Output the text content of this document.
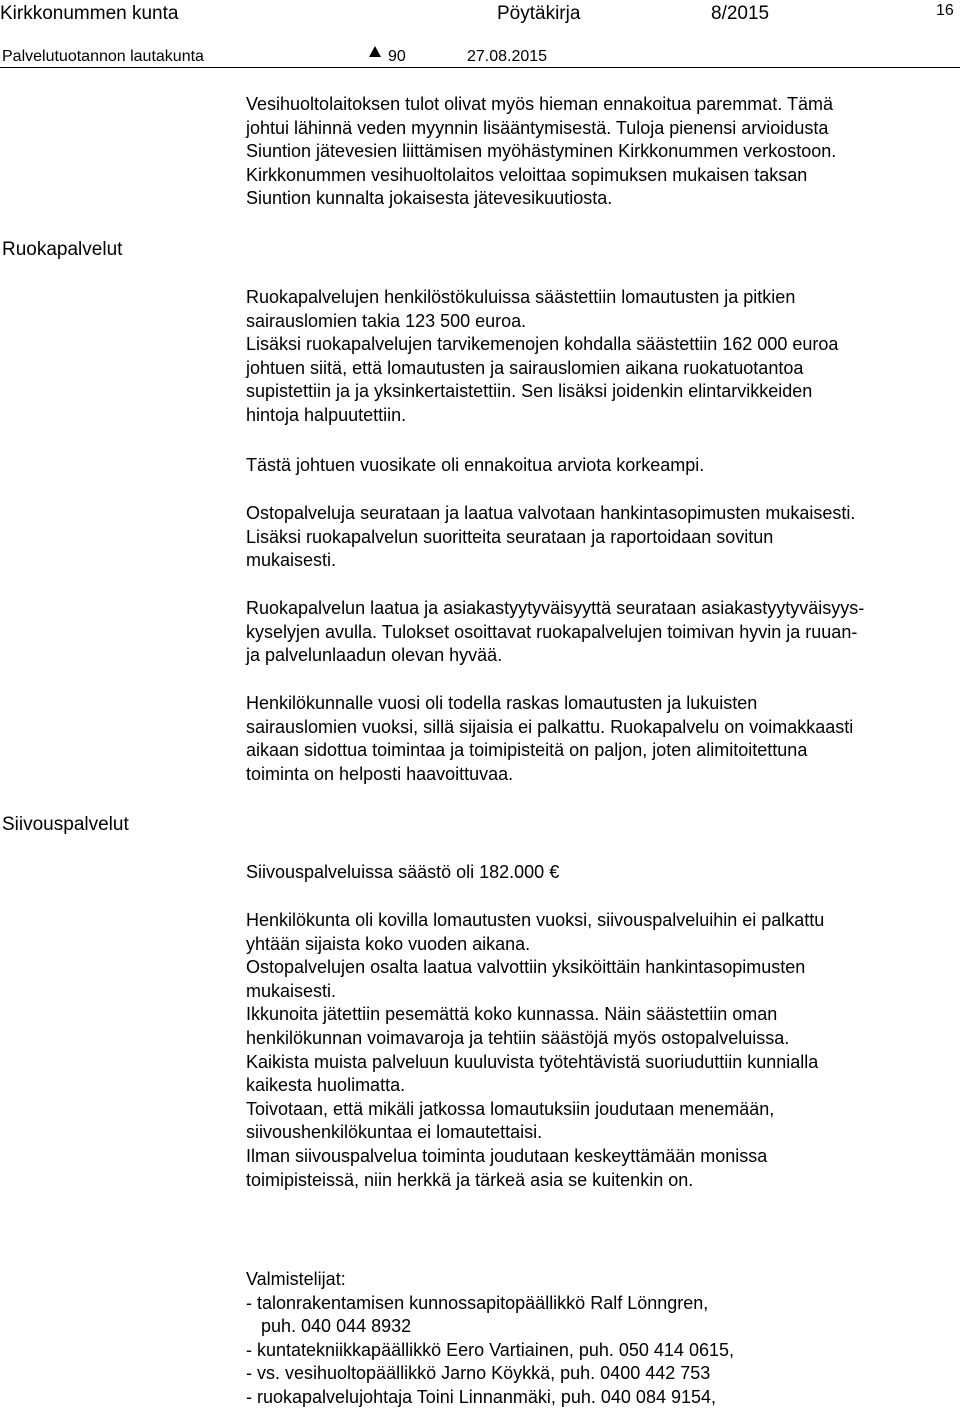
Kirkkonummen kunta	Pöytäkirja	8/2015	16
Palvelutuotannon lautakunta	90	27.08.2015
Ruokapalvelut
Siivouspalvelut
Vesihuoltolaitoksen tulot olivat myös hieman ennakoitua paremmat. Tämä
johtui lähinnä veden myynnin lisääntymisestä. Tuloja pienensi arvioidusta
Siuntion jätevesien liittämisen myöhästyminen Kirkkonummen verkostoon.
Kirkkonummen vesihuoltolaitos veloittaa sopimuksen mukaisen taksan
Siuntion kunnalta jokaisesta jätevesikuutiosta.
Ruokapalvelujen henkilöstökuluissa säästettiin lomautusten ja pitkien
sairauslomien takia 123 500 euroa.
Lisäksi ruokapalvelujen tarvikemenojen kohdalla säästettiin 162 000 euroa
johtuen siitä, että lomautusten ja sairauslomien aikana ruokatuotantoa
supistettiin ja ja yksinkertaistettiin. Sen lisäksi joidenkin elintarvikkeiden
hintoja halpuutettiin.
Tästä johtuen vuosikate oli ennakoitua arviota korkeampi.
Ostopalveluja seurataan ja laatua valvotaan hankintasopimusten mukaisesti.
Lisäksi ruokapalvelun suoritteita seurataan ja raportoidaan sovitun
mukaisesti.
Ruokapalvelun laatua ja asiakastyytyväisyyttä seurataan asiakastyytyväisyys-
kyselyjen avulla. Tulokset osoittavat ruokapalvelujen toimivan hyvin ja ruuan-
ja palvelunlaadun olevan hyvää.
Henkilökunnalle vuosi oli todella raskas lomautusten ja lukuisten
sairauslomien vuoksi, sillä sijaisia ei palkattu. Ruokapalvelu on voimakkaasti
aikaan sidottua toimintaa ja toimipisteitä on paljon, joten alimitoitettuna
toiminta on helposti haavoittuvaa.
Siivouspalveluissa säästö oli 182.000 €
Henkilökunta oli kovilla lomautusten vuoksi, siivouspalveluihin ei palkattu
yhtään sijaista koko vuoden aikana.
Ostopalvelujen osalta laatua valvottiin yksiköittäin hankintasopimusten
mukaisesti.
Ikkunoita jätettiin pesemättä koko kunnassa. Näin säästettiin oman
henkilökunnan voimavaroja ja tehtiin säästöjä myös ostopalveluissa.
Kaikista muista palveluun kuuluvista työtehtävistä suoriuduttiin kunnialla
kaikesta huolimatta.
Toivotaan, että mikäli jatkossa lomautuksiin joudutaan menemään,
siivoushenkilökuntaa ei lomautettaisi.
Ilman siivouspalvelua toiminta joudutaan keskeyttämään monissa
toimipisteissä, niin herkkä ja tärkeä asia se kuitenkin on.
Valmistelijat:
- talonrakentamisen kunnossapitopäällikkö Ralf Lönngren,
puh. 040 044 8932
- kuntatekniikkapäällikkö Eero Vartiainen, puh. 050 414 0615,
- vs. vesihuoltopäällikkö Jarno Köykkä, puh. 0400 442 753
- ruokapalvelujohtaja Toini Linnanmäki, puh. 040 084 9154,
